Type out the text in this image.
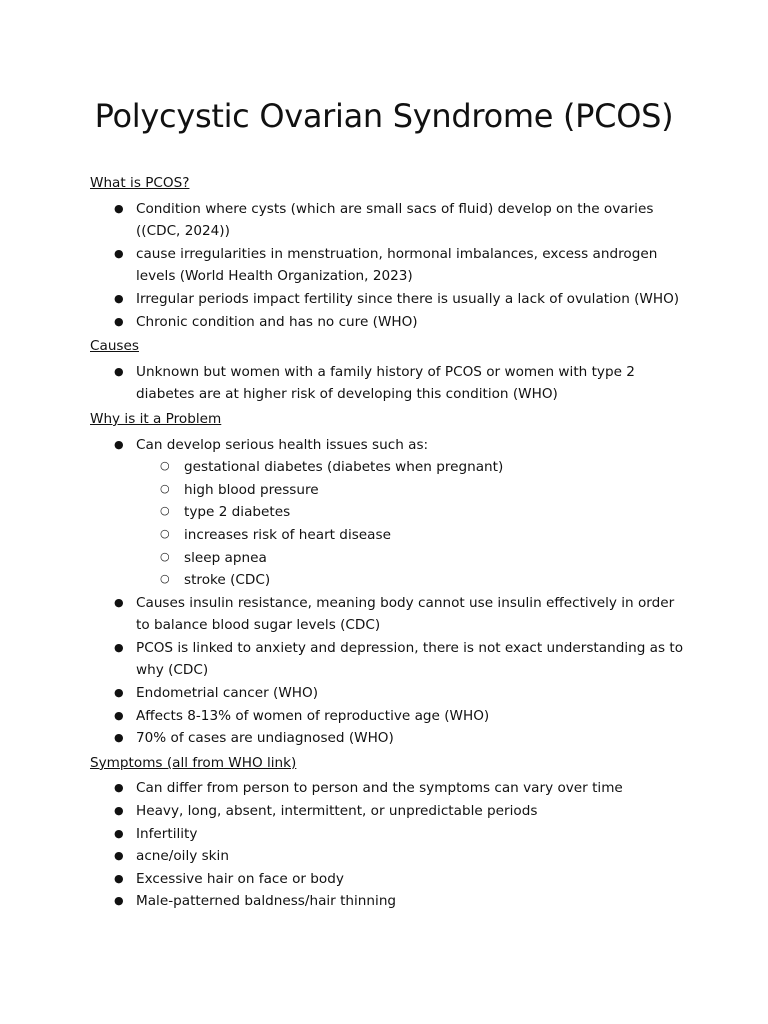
Polycystic Ovarian Syndrome (PCOS)

What is PCOS?

● Condition where cysts (which are small sacs of fluid) develop on the ovaries ((CDC, 2024))
● cause irregularities in menstruation, hormonal imbalances, excess androgen levels (World Health Organization, 2023)
● Irregular periods impact fertility since there is usually a lack of ovulation (WHO)
● Chronic condition and has no cure (WHO)

Causes

● Unknown but women with a family history of PCOS or women with type 2 diabetes are at higher risk of developing this condition (WHO)

Why is it a Problem

● Can develop serious health issues such as:
○ gestational diabetes (diabetes when pregnant)
○ high blood pressure
○ type 2 diabetes
○ increases risk of heart disease
○ sleep apnea
○ stroke (CDC)
● Causes insulin resistance, meaning body cannot use insulin effectively in order to balance blood sugar levels (CDC)
● PCOS is linked to anxiety and depression, there is not exact understanding as to why (CDC)
● Endometrial cancer (WHO)
● Affects 8-13% of women of reproductive age (WHO)
● 70% of cases are undiagnosed (WHO)

Symptoms (all from WHO link)

● Can differ from person to person and the symptoms can vary over time
● Heavy, long, absent, intermittent, or unpredictable periods
● Infertility
● acne/oily skin
● Excessive hair on face or body
● Male-patterned baldness/hair thinning
